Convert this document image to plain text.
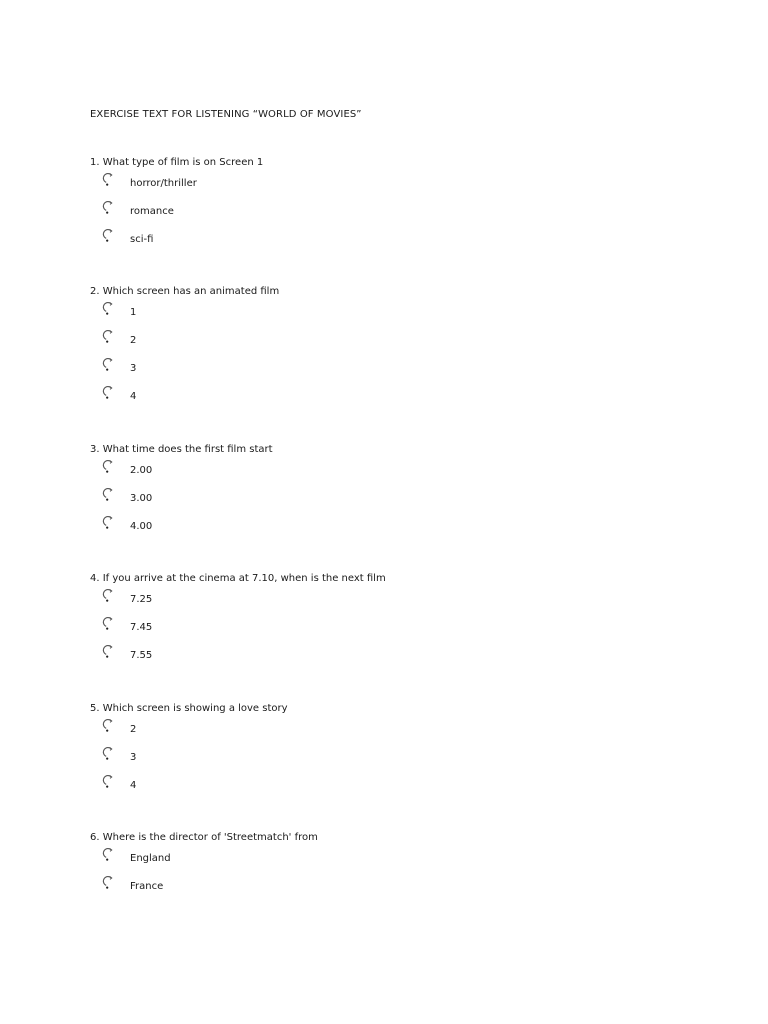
EXERCISE TEXT FOR LISTENING “WORLD OF MOVIES”
1. What type of film is on Screen 1
horror/thriller
romance
sci-fi
2. Which screen has an animated film
1
2
3
4
3. What time does the first film start
2.00
3.00
4.00
4. If you arrive at the cinema at 7.10, when is the next film
7.25
7.45
7.55
5. Which screen is showing a love story
2
3
4
6. Where is the director of 'Streetmatch' from
England
France
